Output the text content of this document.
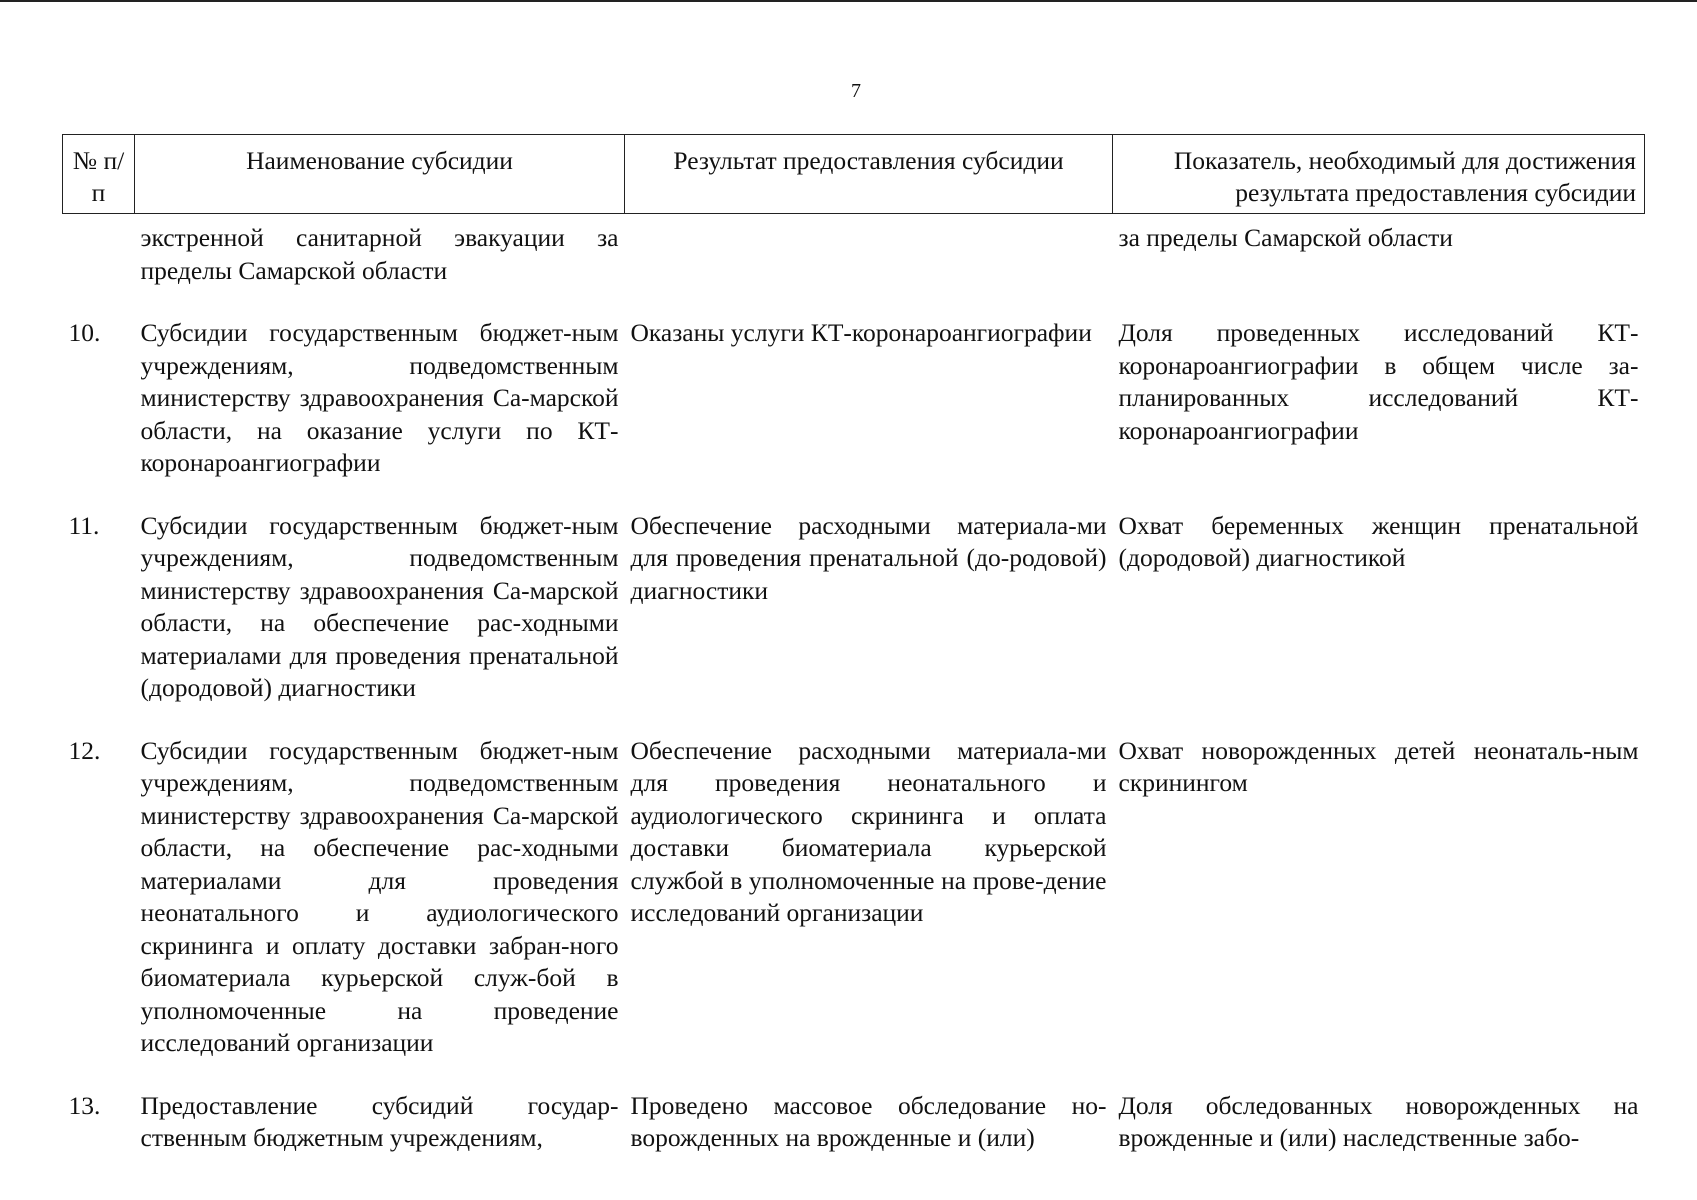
7
№ п/п	Наименование субсидии	Результат предоставления субсидии	Показатель, необходимый для достижения результата предоставления субсидии
	экстренной санитарной эвакуации за пределы Самарской области		за пределы Самарской области
10.	Субсидии государственным бюджет-ным учреждениям, подведомственным министерству здравоохранения Са-марской области, на оказание услуги по КТ-коронароангиографии	Оказаны услуги КТ-коронароангиографии	Доля проведенных исследований КТ-коронароангиографии в общем числе за-планированных исследований КТ-коронароангиографии
11.	Субсидии государственным бюджет-ным учреждениям, подведомственным министерству здравоохранения Са-марской области, на обеспечение рас-ходными материалами для проведения пренатальной (дородовой) диагностики	Обеспечение расходными материала-ми для проведения пренатальной (до-родовой) диагностики	Охват беременных женщин пренатальной (дородовой) диагностикой
12.	Субсидии государственным бюджет-ным учреждениям, подведомственным министерству здравоохранения Са-марской области, на обеспечение рас-ходными материалами для проведения неонатального и аудиологического скрининга и оплату доставки забран-ного биоматериала курьерской служ-бой в уполномоченные на проведение исследований организации	Обеспечение расходными материала-ми для проведения неонатального и аудиологического скрининга и оплата доставки биоматериала курьерской службой в уполномоченные на прове-дение исследований организации	Охват новорожденных детей неонаталь-ным скринингом
13.	Предоставление субсидий государ-ственным бюджетным учреждениям,	Проведено массовое обследование но-ворожденных на врожденные и (или)	Доля обследованных новорожденных на врожденные и (или) наследственные забо-
